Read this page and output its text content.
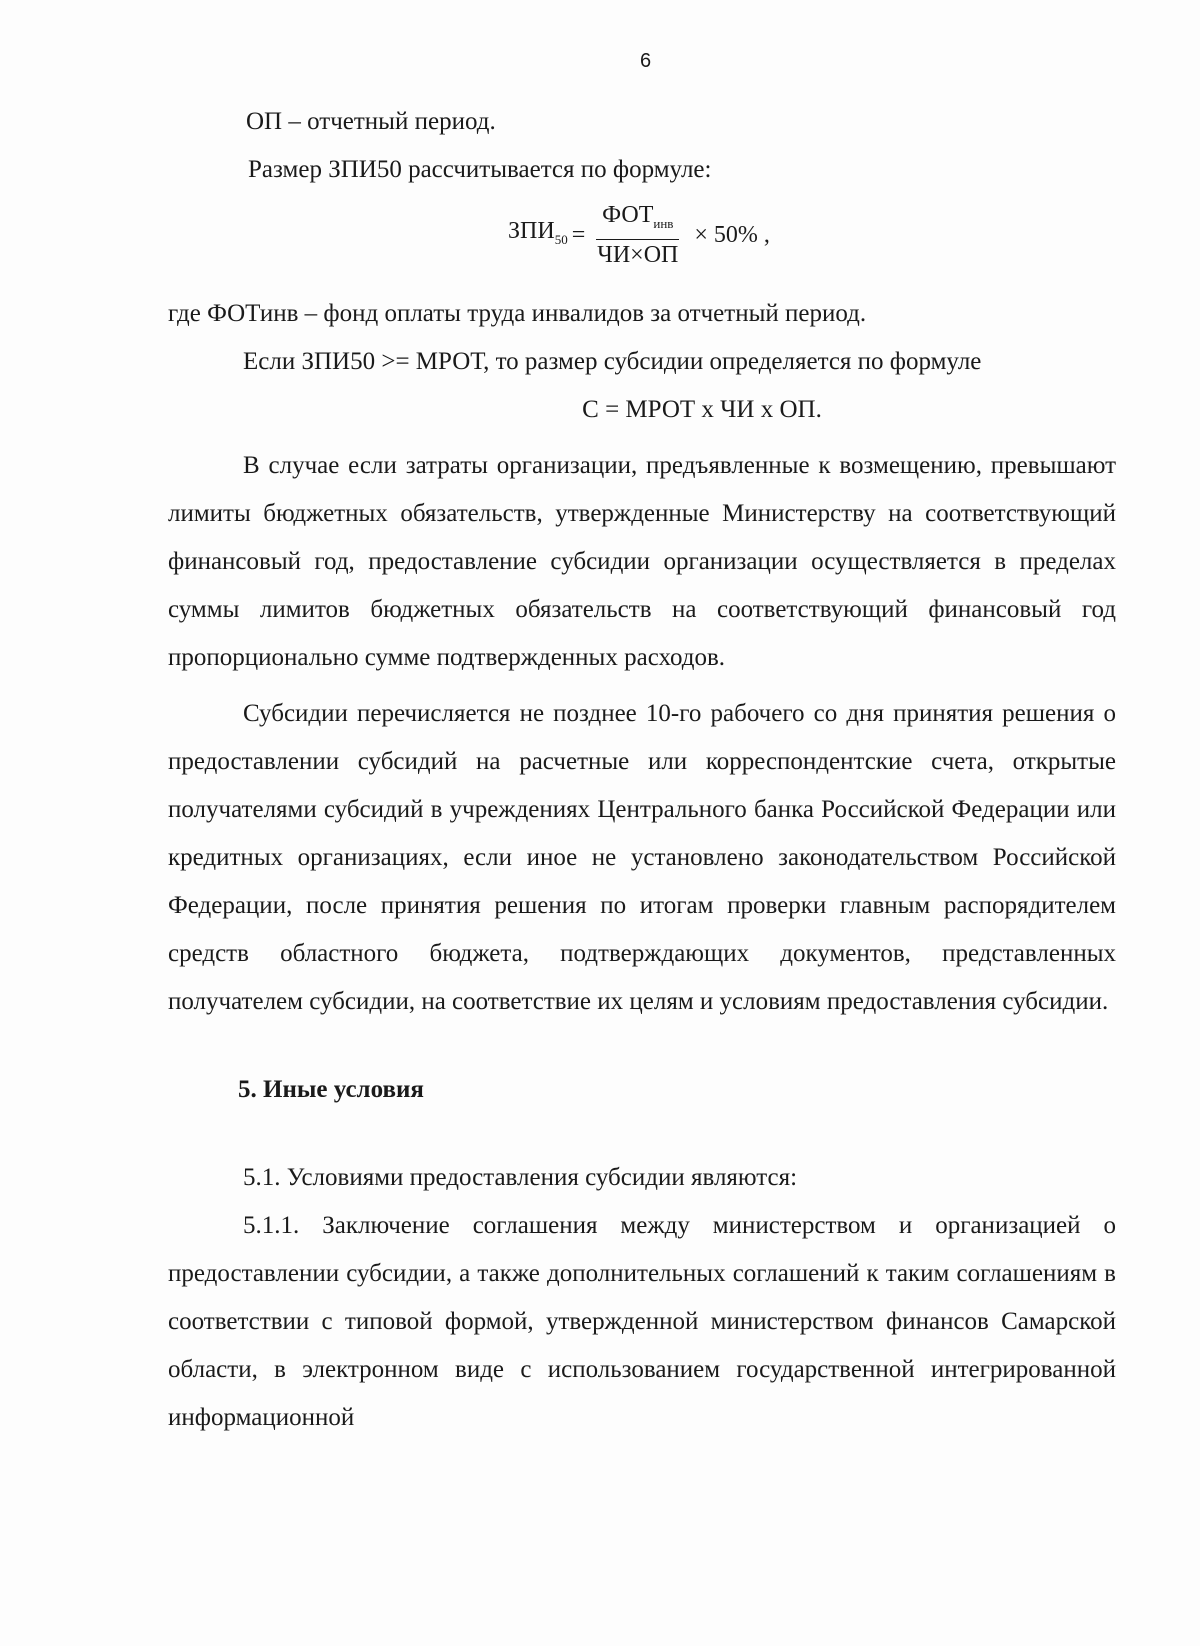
6

ОП – отчетный период.

Размер ЗПИ50 рассчитывается по формуле:

$ЗПИ_{50} = \frac{ФОТ_{инв}}{ЧИ\times ОП} \times 50\%$ ,

где ФОТинв – фонд оплаты труда инвалидов за отчетный период.

Если ЗПИ50 >= МРОТ, то размер субсидии определяется по формуле

С = МРОТ х ЧИ х ОП.

В случае если затраты организации, предъявленные к возмещению, превышают лимиты бюджетных обязательств, утвержденные Министерству на соответствующий финансовый год, предоставление субсидии организации осуществляется в пределах суммы лимитов бюджетных обязательств на соответствующий финансовый год пропорционально сумме подтвержденных расходов.

Субсидии перечисляется не позднее 10-го рабочего со дня принятия решения о предоставлении субсидий на расчетные или корреспондентские счета, открытые получателями субсидий в учреждениях Центрального банка Российской Федерации или кредитных организациях, если иное не установлено законодательством Российской Федерации, после принятия решения по итогам проверки главным распорядителем средств областного бюджета, подтверждающих документов, представленных получателем субсидии, на соответствие их целям и условиям предоставления субсидии.

5. Иные условия

5.1. Условиями предоставления субсидии являются:

5.1.1. Заключение соглашения между министерством и организацией о предоставлении субсидии, а также дополнительных соглашений к таким соглашениям в соответствии с типовой формой, утвержденной министерством финансов Самарской области, в электронном виде с использованием государственной интегрированной информационной
